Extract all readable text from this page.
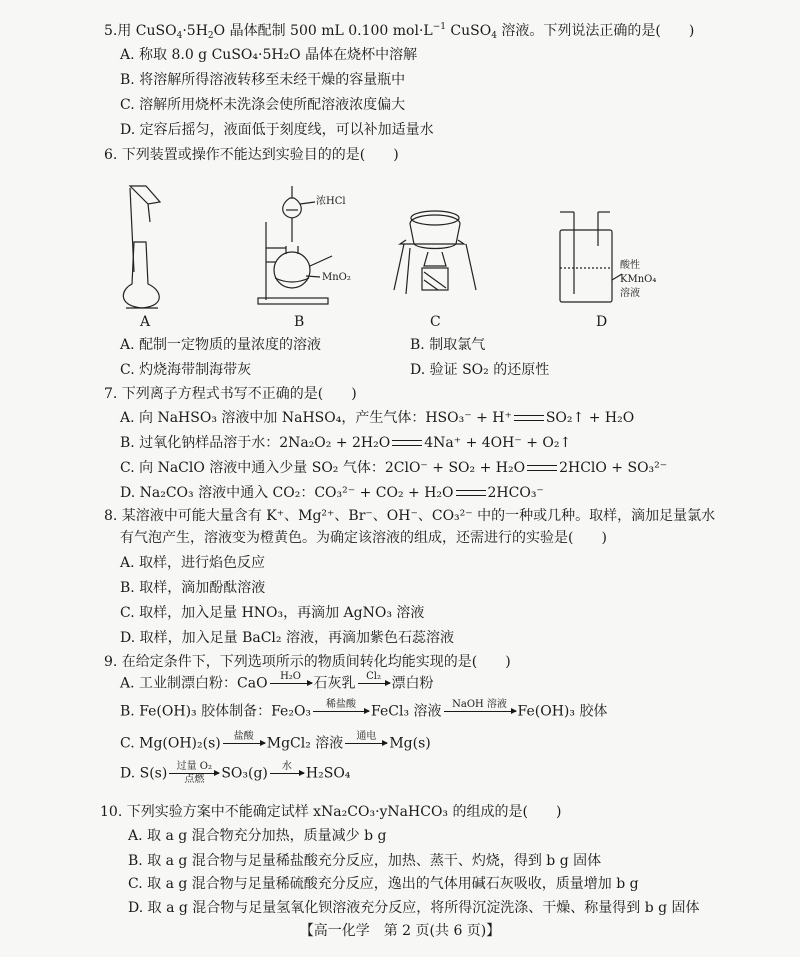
5.用 $CuSO_4\cdot 5H_2O$ 晶体配制 500 mL 0.100 $mol\cdot L^{-1}$ CuSO$_4$ 溶液。下列说法正确的是(　　)
A. 称取 8.0 g CuSO₄·5H₂O 晶体在烧杯中溶解
B. 将溶解所得溶液转移至未经干燥的容量瓶中
C. 溶解所用烧杯未洗涤会使所配溶液浓度偏大
D. 定容后摇匀，液面低于刻度线，可以补加适量水
6. 下列装置或操作不能达到实验目的的是(　　)
A	B	C	D
浓HCl
MnO₂
酸性
KMnO₄
溶液
A. 配制一定物质的量浓度的溶液	B. 制取氯气
C. 灼烧海带制海带灰	D. 验证 SO₂ 的还原性
7. 下列离子方程式书写不正确的是(　　)
A. 向 NaHSO₃ 溶液中加 NaHSO₄，产生气体：HSO₃⁻ + H⁺ SO₂↑ + H₂O
B. 过氧化钠样品溶于水：2Na₂O₂ + 2H₂O 4Na⁺ + 4OH⁻ + O₂↑
C. 向 NaClO 溶液中通入少量 SO₂ 气体：2ClO⁻ + SO₂ + H₂O 2HClO + SO₃²⁻
D. Na₂CO₃ 溶液中通入 CO₂：CO₃²⁻ + CO₂ + H₂O 2HCO₃⁻
8. 某溶液中可能大量含有 K⁺、Mg²⁺、Br⁻、OH⁻、CO₃²⁻ 中的一种或几种。取样，滴加足量氯水
有气泡产生，溶液变为橙黄色。为确定该溶液的组成，还需进行的实验是(　　)
A. 取样，进行焰色反应
B. 取样，滴加酚酞溶液
C. 取样，加入足量 HNO₃，再滴加 AgNO₃ 溶液
D. 取样，加入足量 BaCl₂ 溶液，再滴加紫色石蕊溶液
9. 在给定条件下，下列选项所示的物质间转化均能实现的是(　　)
A. 工业制漂白粉：CaO	H₂O 石灰乳	Cl₂ 漂白粉
B. Fe(OH)₃ 胶体制备：Fe₂O₃	稀盐酸	FeCl₃ 溶液	NaOH 溶液 Fe(OH)₃ 胶体
C. Mg(OH)₂(s)	盐酸 MgCl₂ 溶液	通电 Mg(s)
D. S(s) 过量 O₂
点燃	SO₃(g)	水	H₂SO₄
10. 下列实验方案中不能确定试样 xNa₂CO₃·yNaHCO₃ 的组成的是(　　)
A. 取 a g 混合物充分加热，质量减少 b g
B. 取 a g 混合物与足量稀盐酸充分反应，加热、蒸干、灼烧，得到 b g 固体
C. 取 a g 混合物与足量稀硫酸充分反应，逸出的气体用碱石灰吸收，质量增加 b g
D. 取 a g 混合物与足量氢氧化钡溶液充分反应，将所得沉淀洗涤、干燥、称量得到 b g 固体
【高一化学　第 2 页(共 6 页)】
